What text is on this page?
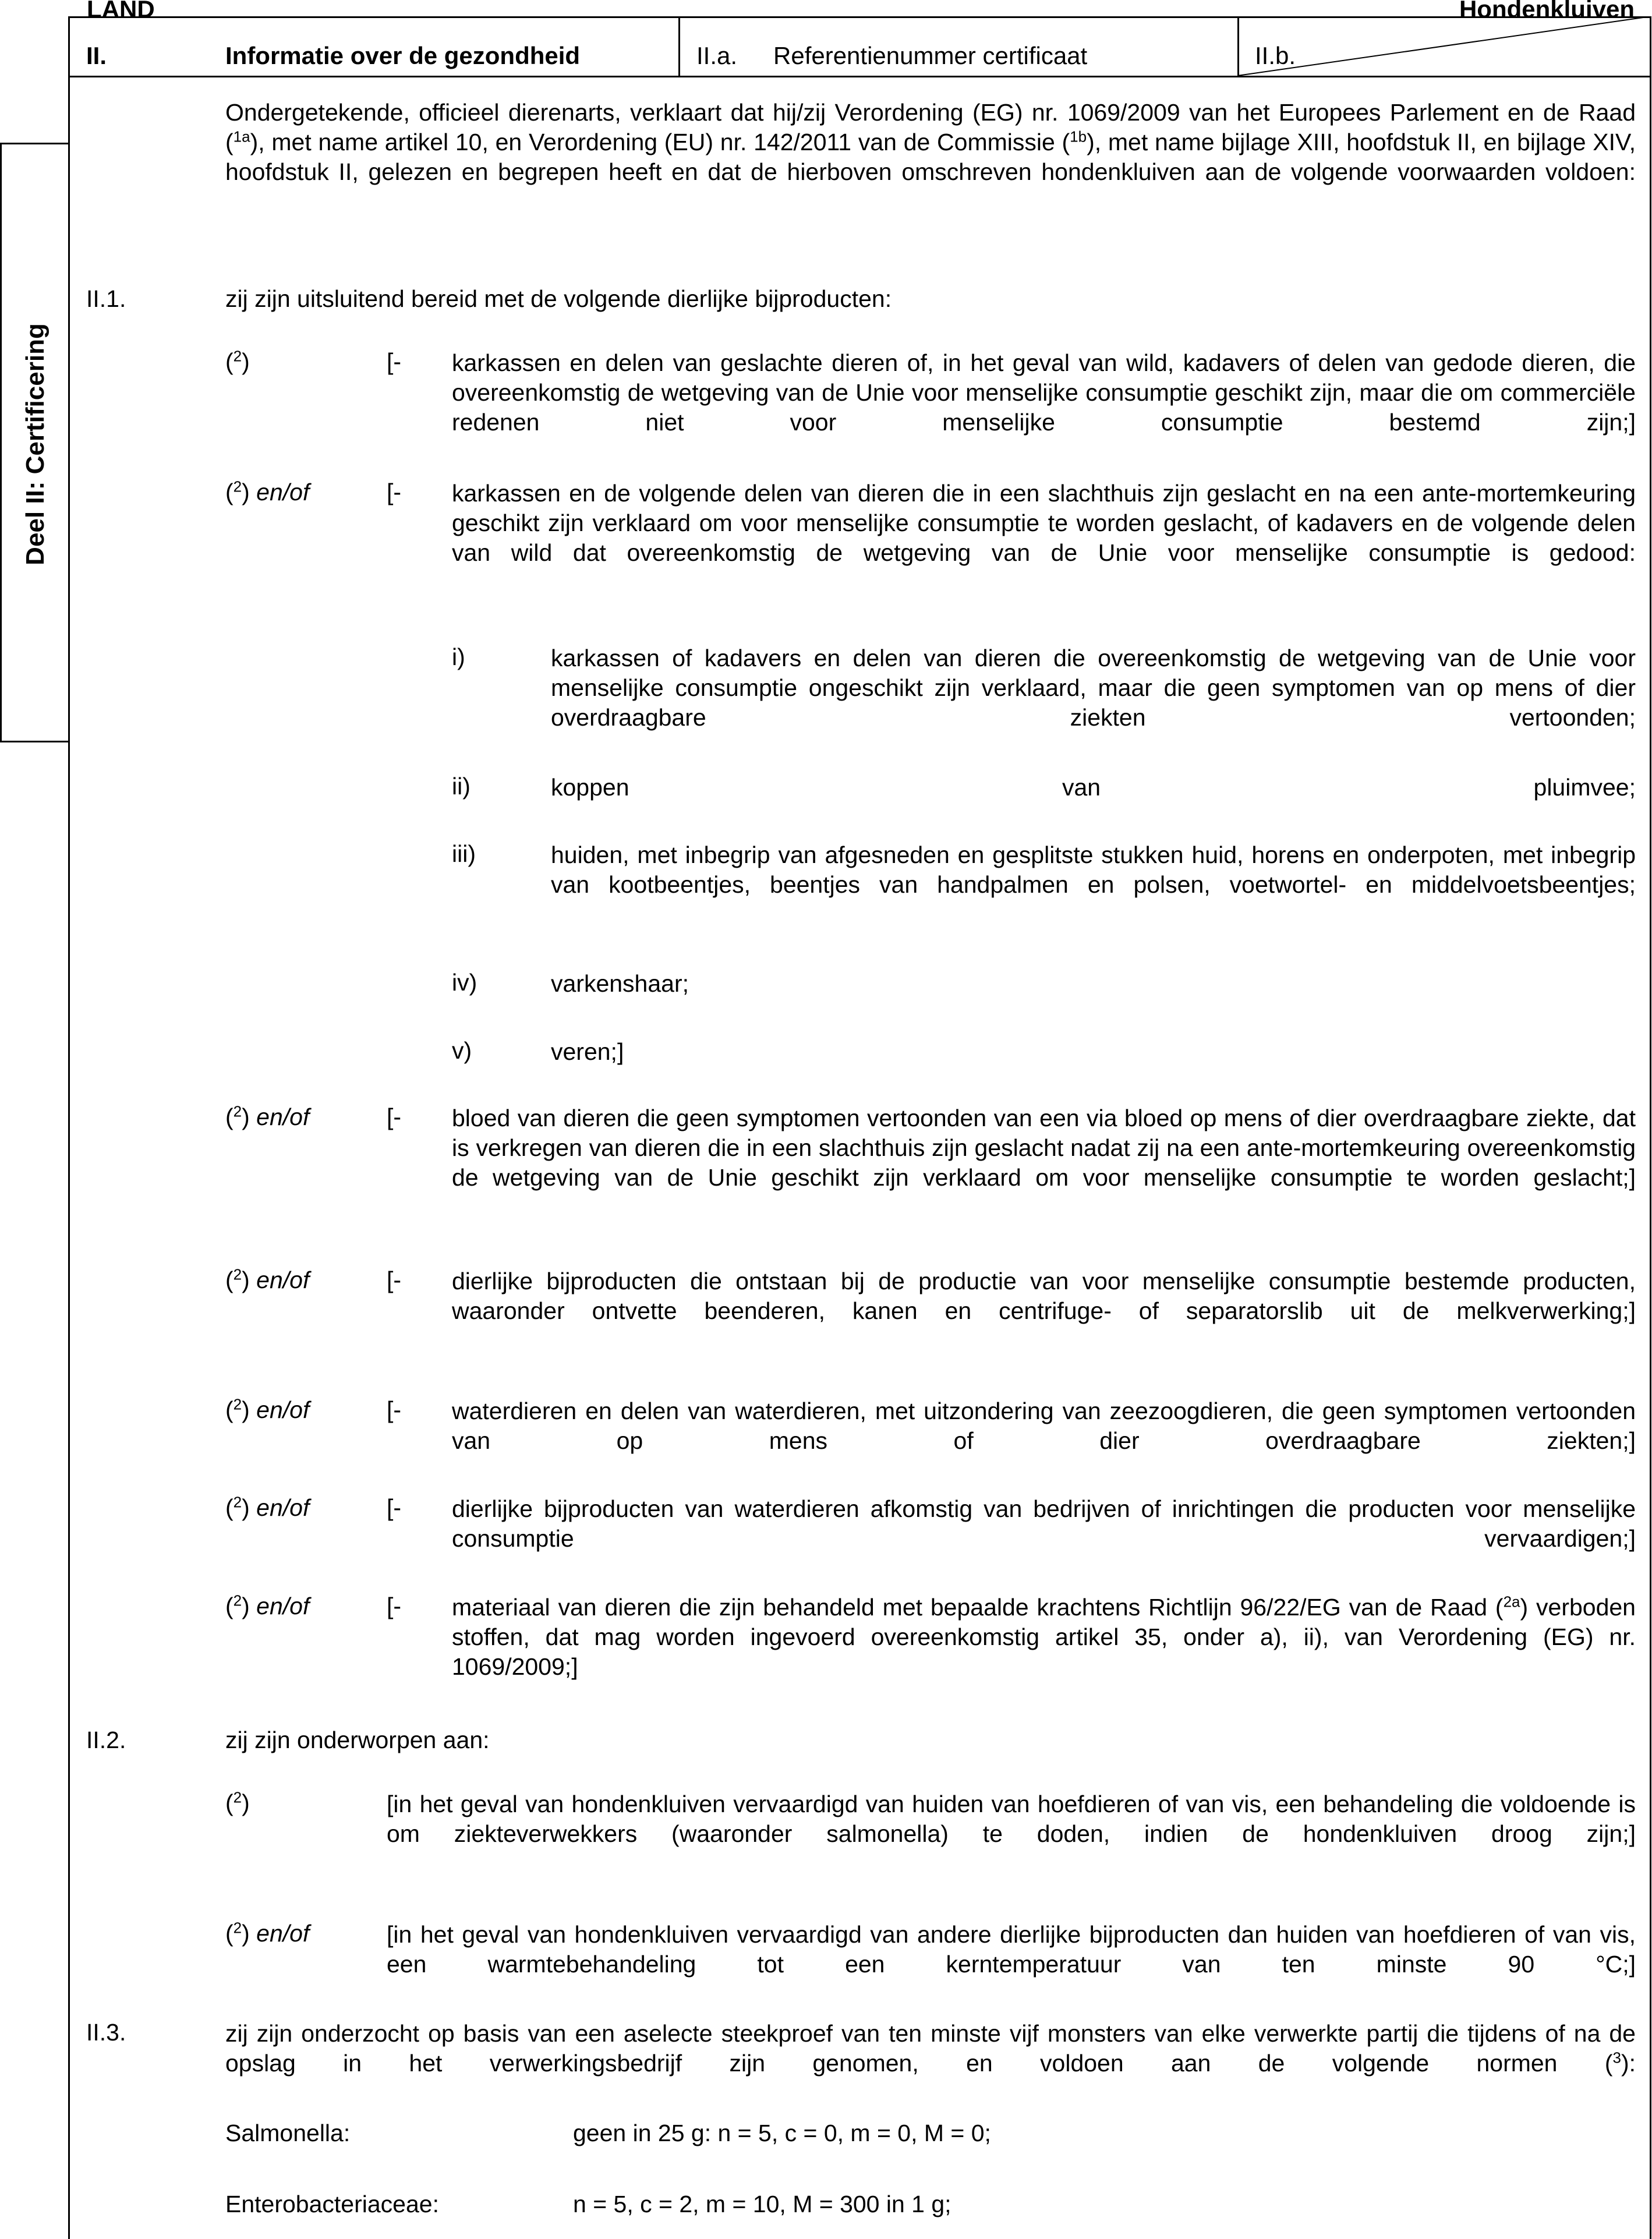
LAND	Hondenkluiven
II.	Informatie over de gezondheid	II.a. Referentienummer certificaat	II.b.
Deel II: Certificering
Ondergetekende, officieel dierenarts, verklaart dat hij/zij Verordening (EG) nr. 1069/2009 van het Europees Parlement en de Raad ($^{1a}$), met name artikel 10, en Verordening (EU) nr. 142/2011 van de Commissie ($^{1b}$), met name bijlage XIII, hoofdstuk II, en bijlage XIV, hoofdstuk II, gelezen en begrepen heeft en dat de hierboven omschreven hondenkluiven aan de volgende voorwaarden voldoen:
II.1.	zij zijn uitsluitend bereid met de volgende dierlijke bijproducten:
($^2$)	[- karkassen en delen van geslachte dieren of, in het geval van wild, kadavers of delen van gedode dieren, die overeenkomstig de wetgeving van de Unie voor menselijke consumptie geschikt zijn, maar die om commerciële redenen niet voor menselijke consumptie bestemd zijn;]
($^2$) en/of	[- karkassen en de volgende delen van dieren die in een slachthuis zijn geslacht en na een ante-mortemkeuring geschikt zijn verklaard om voor menselijke consumptie te worden geslacht, of kadavers en de volgende delen van wild dat overeenkomstig de wetgeving van de Unie voor menselijke consumptie is gedood:
i)	karkassen of kadavers en delen van dieren die overeenkomstig de wetgeving van de Unie voor menselijke consumptie ongeschikt zijn verklaard, maar die geen symptomen van op mens of dier overdraagbare ziekten vertoonden;
ii)	koppen van pluimvee;
iii)	huiden, met inbegrip van afgesneden en gesplitste stukken huid, horens en onderpoten, met inbegrip van kootbeentjes, beentjes van handpalmen en polsen, voetwortel- en middelvoetsbeentjes;
iv)	varkenshaar;
v)	veren;]
($^2$) en/of	[- bloed van dieren die geen symptomen vertoonden van een via bloed op mens of dier overdraagbare ziekte, dat is verkregen van dieren die in een slachthuis zijn geslacht nadat zij na een ante-mortemkeuring overeenkomstig de wetgeving van de Unie geschikt zijn verklaard om voor menselijke consumptie te worden geslacht;]
($^2$) en/of	[- dierlijke bijproducten die ontstaan bij de productie van voor menselijke consumptie bestemde producten, waaronder ontvette beenderen, kanen en centrifuge- of separatorslib uit de melkverwerking;]
($^2$) en/of	[- waterdieren en delen van waterdieren, met uitzondering van zeezoogdieren, die geen symptomen vertoonden van op mens of dier overdraagbare ziekten;]
($^2$) en/of	[- dierlijke bijproducten van waterdieren afkomstig van bedrijven of inrichtingen die producten voor menselijke consumptie vervaardigen;]
($^2$) en/of	[- materiaal van dieren die zijn behandeld met bepaalde krachtens Richtlijn 96/22/EG van de Raad ($^{2a}$) verboden stoffen, dat mag worden ingevoerd overeenkomstig artikel 35, onder a), ii), van Verordening (EG) nr. 1069/2009;]
II.2.	zij zijn onderworpen aan:
($^2$)	[in het geval van hondenkluiven vervaardigd van huiden van hoefdieren of van vis, een behandeling die voldoende is om ziekteverwekkers (waaronder salmonella) te doden, indien de hondenkluiven droog zijn;]
($^2$) en/of	[in het geval van hondenkluiven vervaardigd van andere dierlijke bijproducten dan huiden van hoefdieren of van vis, een warmtebehandeling tot een kerntemperatuur van ten minste 90 °C;]
II.3.	zij zijn onderzocht op basis van een aselecte steekproef van ten minste vijf monsters van elke verwerkte partij die tijdens of na de opslag in het verwerkingsbedrijf zijn genomen, en voldoen aan de volgende normen ($^3$):
Salmonella:	geen in 25 g: n = 5, c = 0, m = 0, M = 0;
Enterobacteriaceae:	n = 5, c = 2, m = 10, M = 300 in 1 g;
